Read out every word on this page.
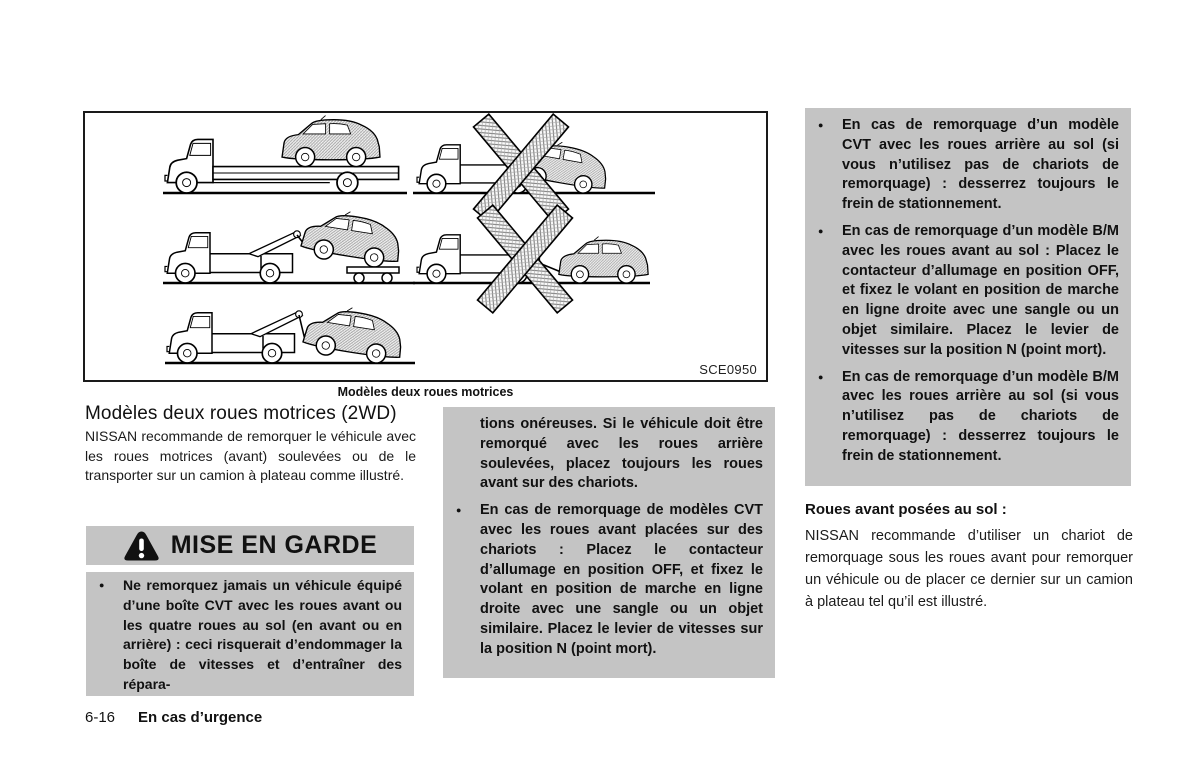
SCE0950
Modèles deux roues motrices
Modèles deux roues motrices (2WD)

NISSAN recommande de remorquer le véhicule avec les roues motrices (avant) soulevées ou de le transporter sur un camion à plateau comme illustré.

MISE EN GARDE
● Ne remorquez jamais un véhicule équipé d’une boîte CVT avec les roues avant ou les quatre roues au sol (en avant ou en arrière) : ceci risquerait d’endommager la boîte de vitesses et d’entraîner des répara-
tions onéreuses. Si le véhicule doit être remorqué avec les roues arrière soulevées, placez toujours les roues avant sur des chariots.
● En cas de remorquage de modèles CVT avec les roues avant placées sur des chariots : Placez le contacteur d’allumage en position OFF, et fixez le volant en position de marche en ligne droite avec une sangle ou un objet similaire. Placez le levier de vitesses sur la position N (point mort).
● En cas de remorquage d’un modèle CVT avec les roues arrière au sol (si vous n’utilisez pas de chariots de remorquage) : desserrez toujours le frein de stationnement.
● En cas de remorquage d’un modèle B/M avec les roues avant au sol : Placez le contacteur d’allumage en position OFF, et fixez le volant en position de marche en ligne droite avec une sangle ou un objet similaire. Placez le levier de vitesses sur la position N (point mort).
● En cas de remorquage d’un modèle B/M avec les roues arrière au sol (si vous n’utilisez pas de chariots de remorquage) : desserrez toujours le frein de stationnement.
Roues avant posées au sol :

NISSAN recommande d’utiliser un chariot de remorquage sous les roues avant pour remorquer un véhicule ou de placer ce dernier sur un camion à plateau tel qu’il est illustré.

6-16 En cas d’urgence
